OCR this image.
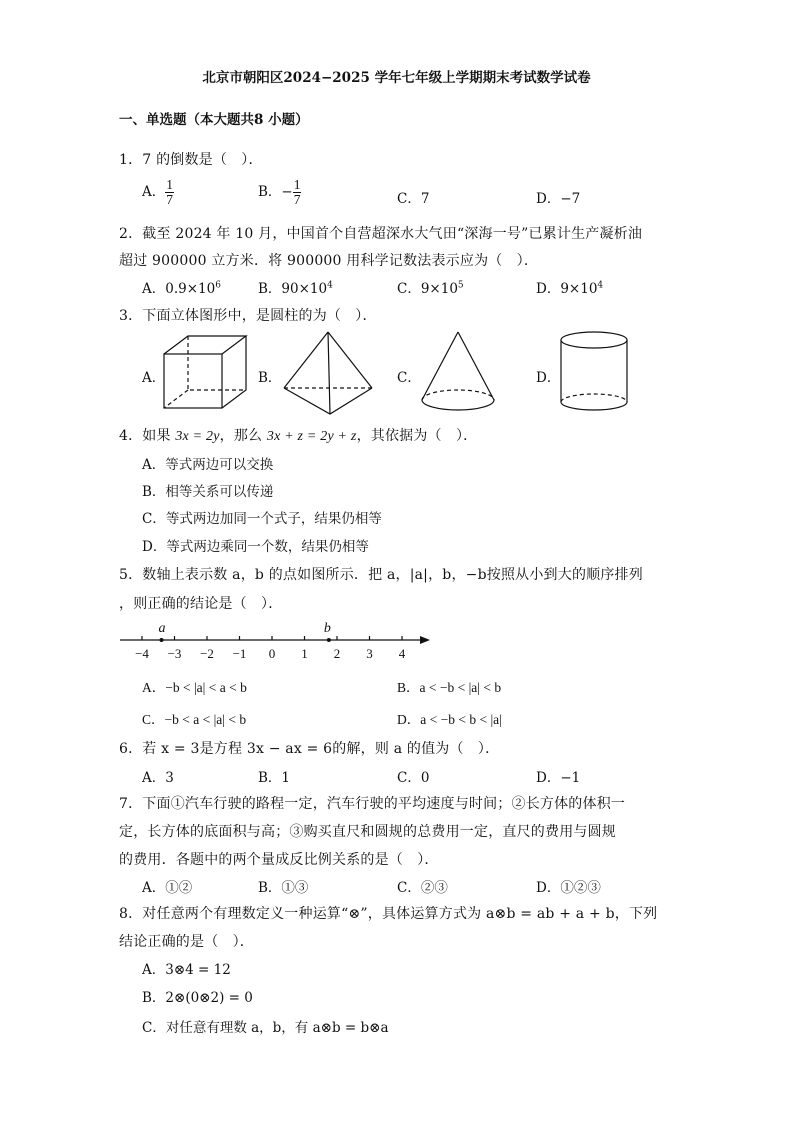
北京市朝阳区2024−2025 学年七年级上学期期末考试数学试卷
一、单选题（本大题共8 小题）
1．7 的倒数是（　）．
A． $\frac{1}{7}$	B．− $\frac{1}{7}$	C．7	D．−7
2．截至 2024 年 10 月，中国首个自营超深水大气田“深海一号”已累计生产凝析油
超过 900000 立方米．将 900000 用科学记数法表示应为（　）．
A．$0.9\times 10^6$	B．$90\times 10^4$	C．$9\times 10^5$	D．$9\times 10^4$
3．下面立体图形中，是圆柱的为（　）．
A．	B．	C．	D．
4．如果 3x = 2y，那么 3x + z = 2y + z，其依据为（　）．
A．等式两边可以交换
B．相等关系可以传递
C．等式两边加同一个式子，结果仍相等
D．等式两边乘同一个数，结果仍相等
5．数轴上表示数 a，b 的点如图所示．把 a，|a|，b，−b按照从小到大的顺序排列
，则正确的结论是（　）．
−4 −3 −2 −1 0 1 2 3 4
a	b
A．−b < |a| < a < b	B．a < −b < |a| < b
C．−b < a < |a| < b	D．a < −b < b < |a|
6．若 x = 3是方程 3x − ax = 6的解，则 a 的值为（　）．
A．3	B．1	C．0	D．−1
7．下面①汽车行驶的路程一定，汽车行驶的平均速度与时间；②长方体的体积一
定，长方体的底面积与高；③购买直尺和圆规的总费用一定，直尺的费用与圆规
的费用．各题中的两个量成反比例关系的是（　）．
A．①②	B．①③	C．②③	D．①②③
8．对任意两个有理数定义一种运算“⊗”，具体运算方式为 a⊗b = ab + a + b，下列
结论正确的是（　）．
A．3⊗4 = 12
B．2⊗(0⊗2) = 0
C．对任意有理数 a，b，有 a⊗b = b⊗a
